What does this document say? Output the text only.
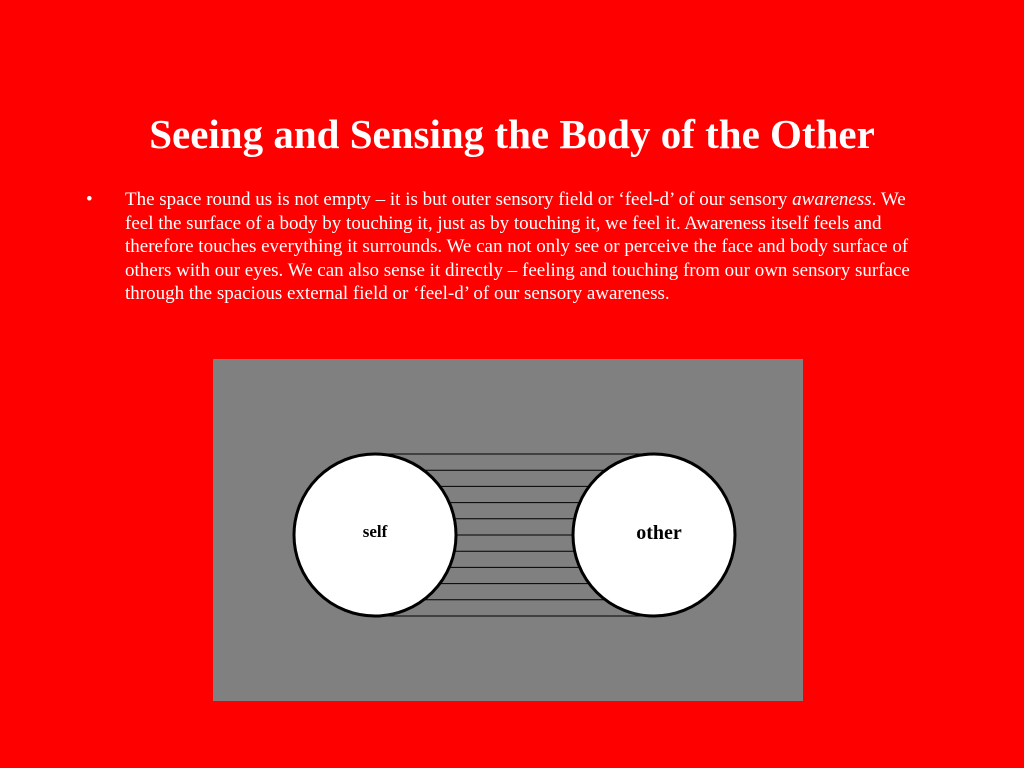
Seeing and Sensing the Body of the Other
•	The space round us is not empty – it is but outer sensory field or ‘feel-d’ of our sensory awareness. We feel the surface of a body by touching it, just as by touching it, we feel it. Awareness itself feels and therefore touches everything it surrounds. We can not only see or perceive the face and body surface of others with our eyes. We can also sense it directly – feeling and touching from our own sensory surface through the spacious external field or ‘feel-d’ of our sensory awareness.
self	other
